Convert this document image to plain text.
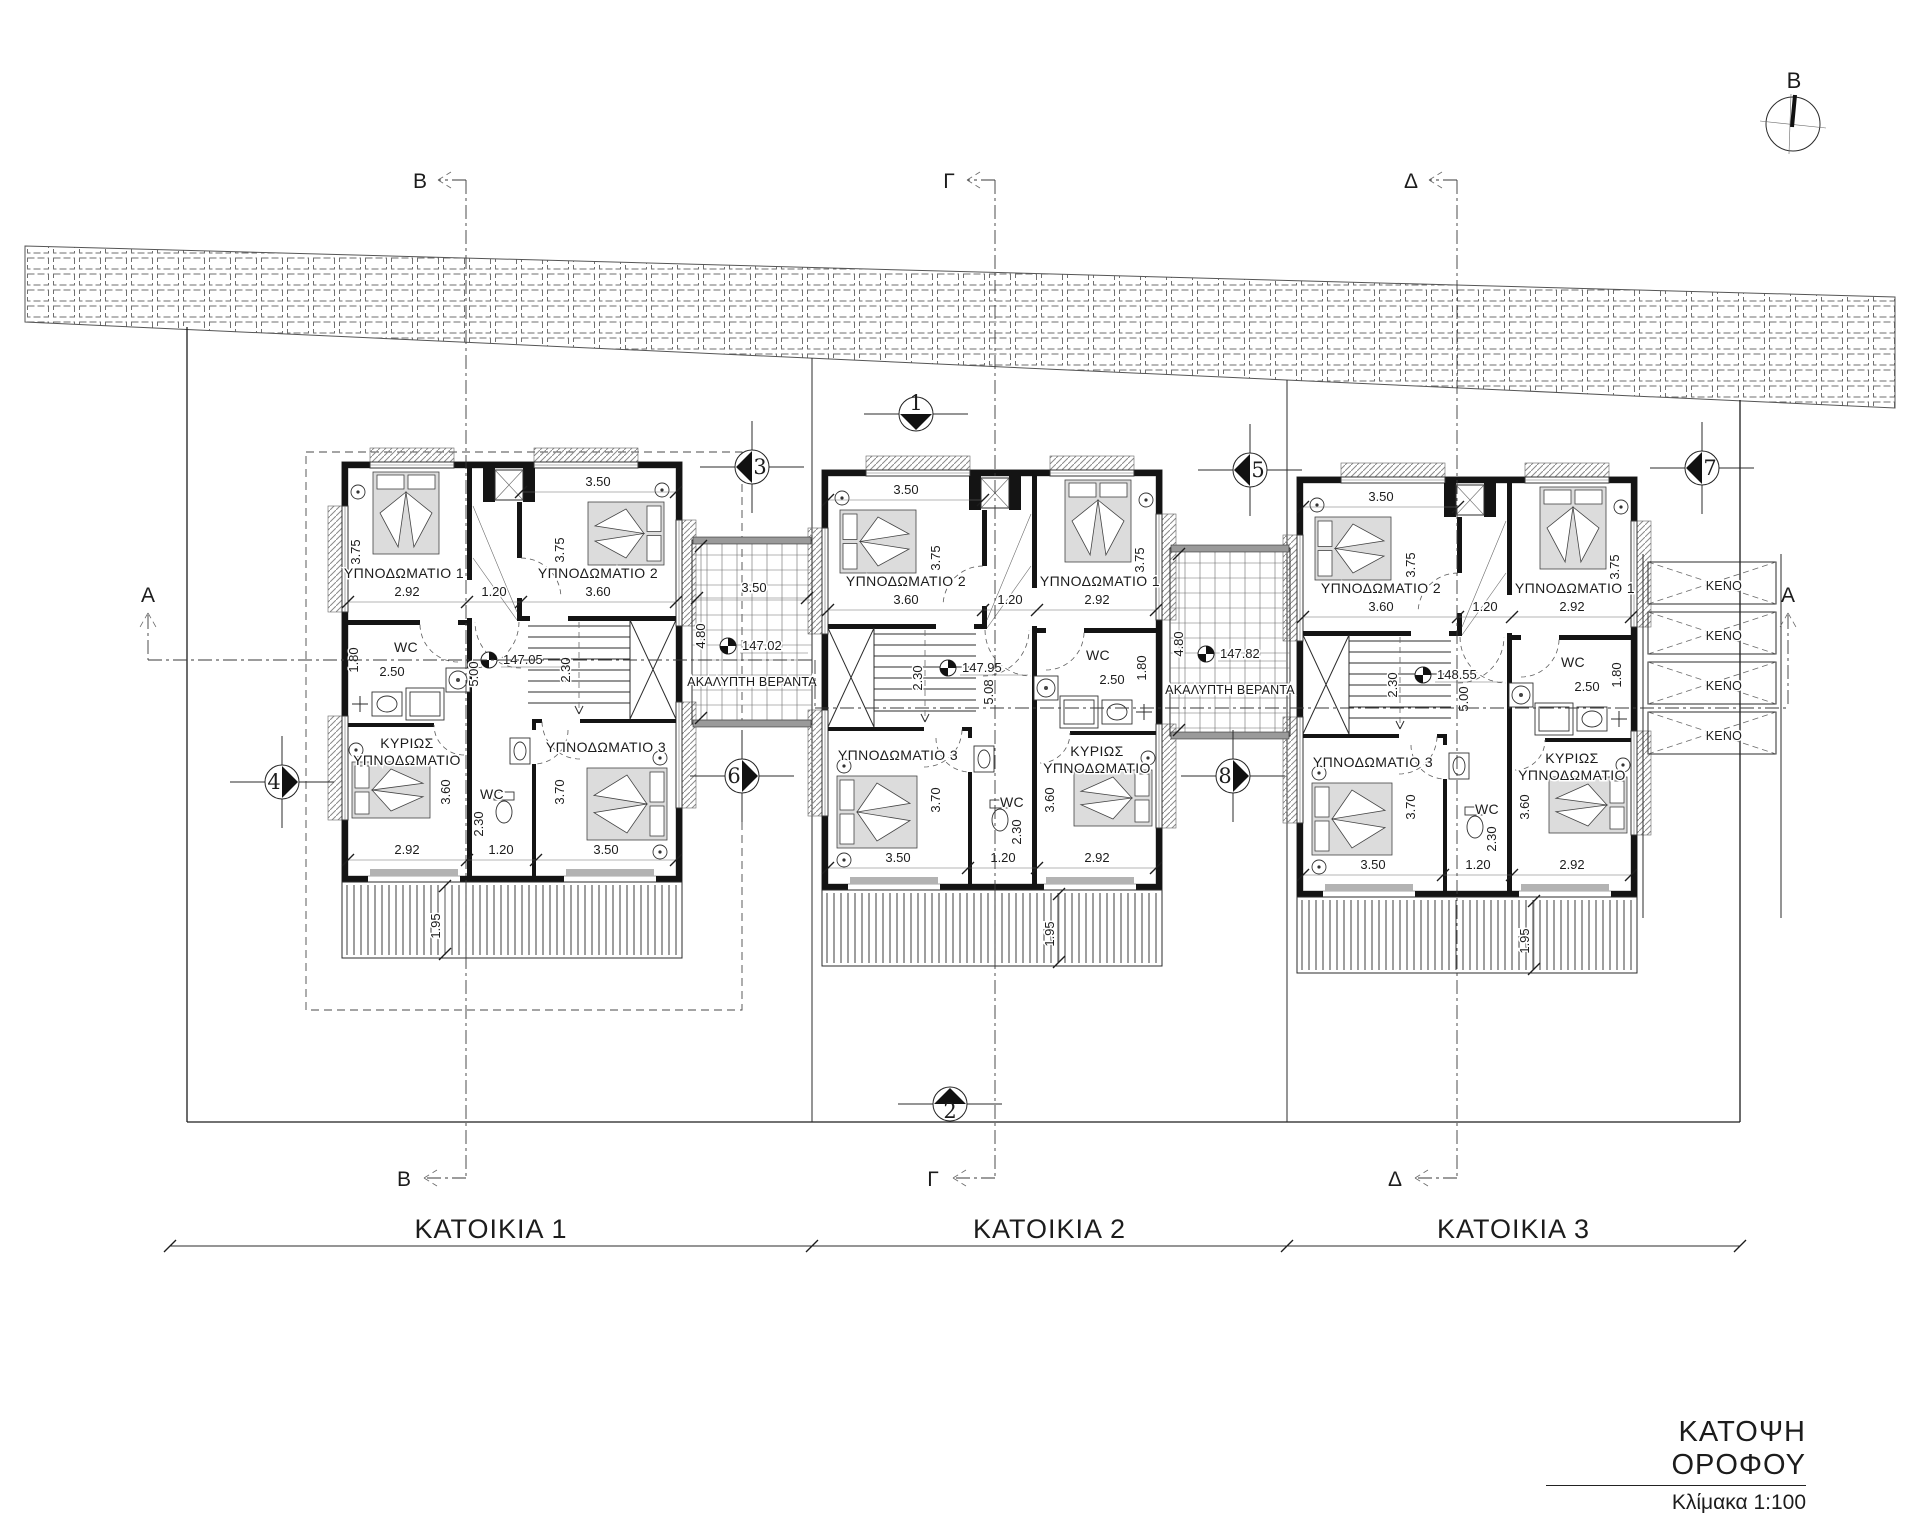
2.92	1.20	3.60
2.92	1.20	3.50
3.50
3.75	3.75
3.60	3.70
2.30
2.50
1.80
5.00	2.30
147.05
ΥΠΝΟΔΩΜΑΤΙΟ 1	ΥΠΝΟΔΩΜΑΤΙΟ 2
ΥΠΝΟΔΩΜΑΤΙΟ 3
ΚΥΡΙΩΣ
ΥΠΝΟΔΩΜΑΤΙΟ
WC
WC
1.95
2.92
1.20
3.60
2.92
1.20
3.50
3.50
3.75
3.75
3.60
3.70
2.30
2.50 1.80
5.08
2.30	147.95
ΥΠΝΟΔΩΜΑΤΙΟ 1
ΥΠΝΟΔΩΜΑΤΙΟ 2
ΥΠΝΟΔΩΜΑΤΙΟ 3	ΚΥΡΙΩΣ
ΥΠΝΟΔΩΜΑΤΙΟ
WC
WC
1.95
2.92
1.20
3.60
2.92
1.20
3.50
3.50
3.75
3.75
3.60
3.70
2.30
2.50 1.80
5.00
2.30	148.55
ΥΠΝΟΔΩΜΑΤΙΟ 1
ΥΠΝΟΔΩΜΑΤΙΟ 2
ΥΠΝΟΔΩΜΑΤΙΟ 3	ΚΥΡΙΩΣ
ΥΠΝΟΔΩΜΑΤΙΟ
WC
WC
1.95
4.80
3.50
147.02
ΑΚΑΛΥΠΤΗ ΒΕΡΑΝΤΑ
4.80	147.82
ΑΚΑΛΥΠΤΗ ΒΕΡΑΝΤΑ
ΚΕΝΟ
ΚΕΝΟ
ΚΕΝΟ
ΚΕΝΟ
B
B
Γ
Γ
Δ
Δ
A	A
1
2
3
4
5
6
7
8
ΚΑΤΟΙΚΙΑ 1	ΚΑΤΟΙΚΙΑ 2	ΚΑΤΟΙΚΙΑ 3
B
ΚΑΤΟΨΗ ΟΡΟΦΟΥ
Κλίμακα 1:100
